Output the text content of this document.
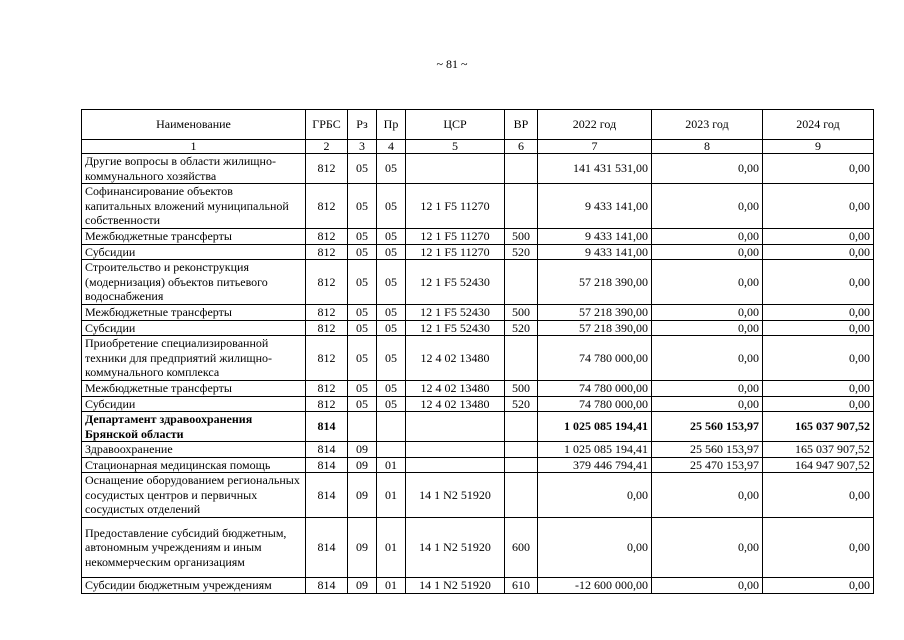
~ 81 ~
Наименование	ГРБС	Рз	Пр	ЦСР	ВР	2022 год	2023 год	2024 год
1	2	3	4	5	6	7	8	9
Другие вопросы в области жилищно-коммунального хозяйства	812	05	05			141 431 531,00	0,00	0,00
Софинансирование объектов капитальных вложений муниципальной собственности	812	05	05	12 1 F5 11270		9 433 141,00	0,00	0,00
Межбюджетные трансферты	812	05	05	12 1 F5 11270	500	9 433 141,00	0,00	0,00
Субсидии	812	05	05	12 1 F5 11270	520	9 433 141,00	0,00	0,00
Строительство и реконструкция (модернизация) объектов питьевого водоснабжения	812	05	05	12 1 F5 52430		57 218 390,00	0,00	0,00
Межбюджетные трансферты	812	05	05	12 1 F5 52430	500	57 218 390,00	0,00	0,00
Субсидии	812	05	05	12 1 F5 52430	520	57 218 390,00	0,00	0,00
Приобретение специализированной техники для предприятий жилищно-коммунального комплекса	812	05	05	12 4 02 13480		74 780 000,00	0,00	0,00
Межбюджетные трансферты	812	05	05	12 4 02 13480	500	74 780 000,00	0,00	0,00
Субсидии	812	05	05	12 4 02 13480	520	74 780 000,00	0,00	0,00
Департамент здравоохранения Брянской области	814					1 025 085 194,41	25 560 153,97	165 037 907,52
Здравоохранение	814	09				1 025 085 194,41	25 560 153,97	165 037 907,52
Стационарная медицинская помощь	814	09	01			379 446 794,41	25 470 153,97	164 947 907,52
Оснащение оборудованием региональных сосудистых центров и первичных сосудистых отделений	814	09	01	14 1 N2 51920		0,00	0,00	0,00
Предоставление субсидий бюджетным, автономным учреждениям и иным некоммерческим организациям	814	09	01	14 1 N2 51920	600	0,00	0,00	0,00
Субсидии бюджетным учреждениям	814	09	01	14 1 N2 51920	610	-12 600 000,00	0,00	0,00
